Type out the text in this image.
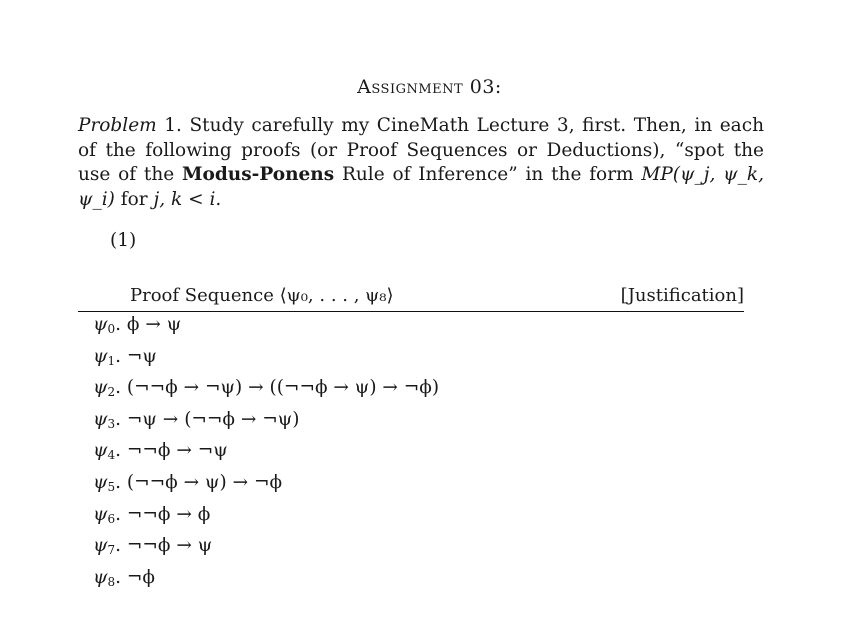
Assignment 03:
Problem 1. Study carefully my CineMath Lecture 3, first. Then, in each of the following proofs (or Proof Sequences or Deductions), “spot the use of the Modus-Ponens Rule of Inference” in the form MP(ψ_j, ψ_k, ψ_i) for j, k < i.
(1)
Proof Sequence ⟨ψ₀, . . . , ψ₈⟩	[Justification]
$\psi_0$. ϕ → ψ
$\psi_1$. ¬ψ
$\psi_2$. (¬¬ϕ → ¬ψ) → ((¬¬ϕ → ψ) → ¬ϕ)
$\psi_3$. ¬ψ → (¬¬ϕ → ¬ψ)
$\psi_4$. ¬¬ϕ → ¬ψ
$\psi_5$. (¬¬ϕ → ψ) → ¬ϕ
$\psi_6$. ¬¬ϕ → ϕ
$\psi_7$. ¬¬ϕ → ψ
$\psi_8$. ¬ϕ
